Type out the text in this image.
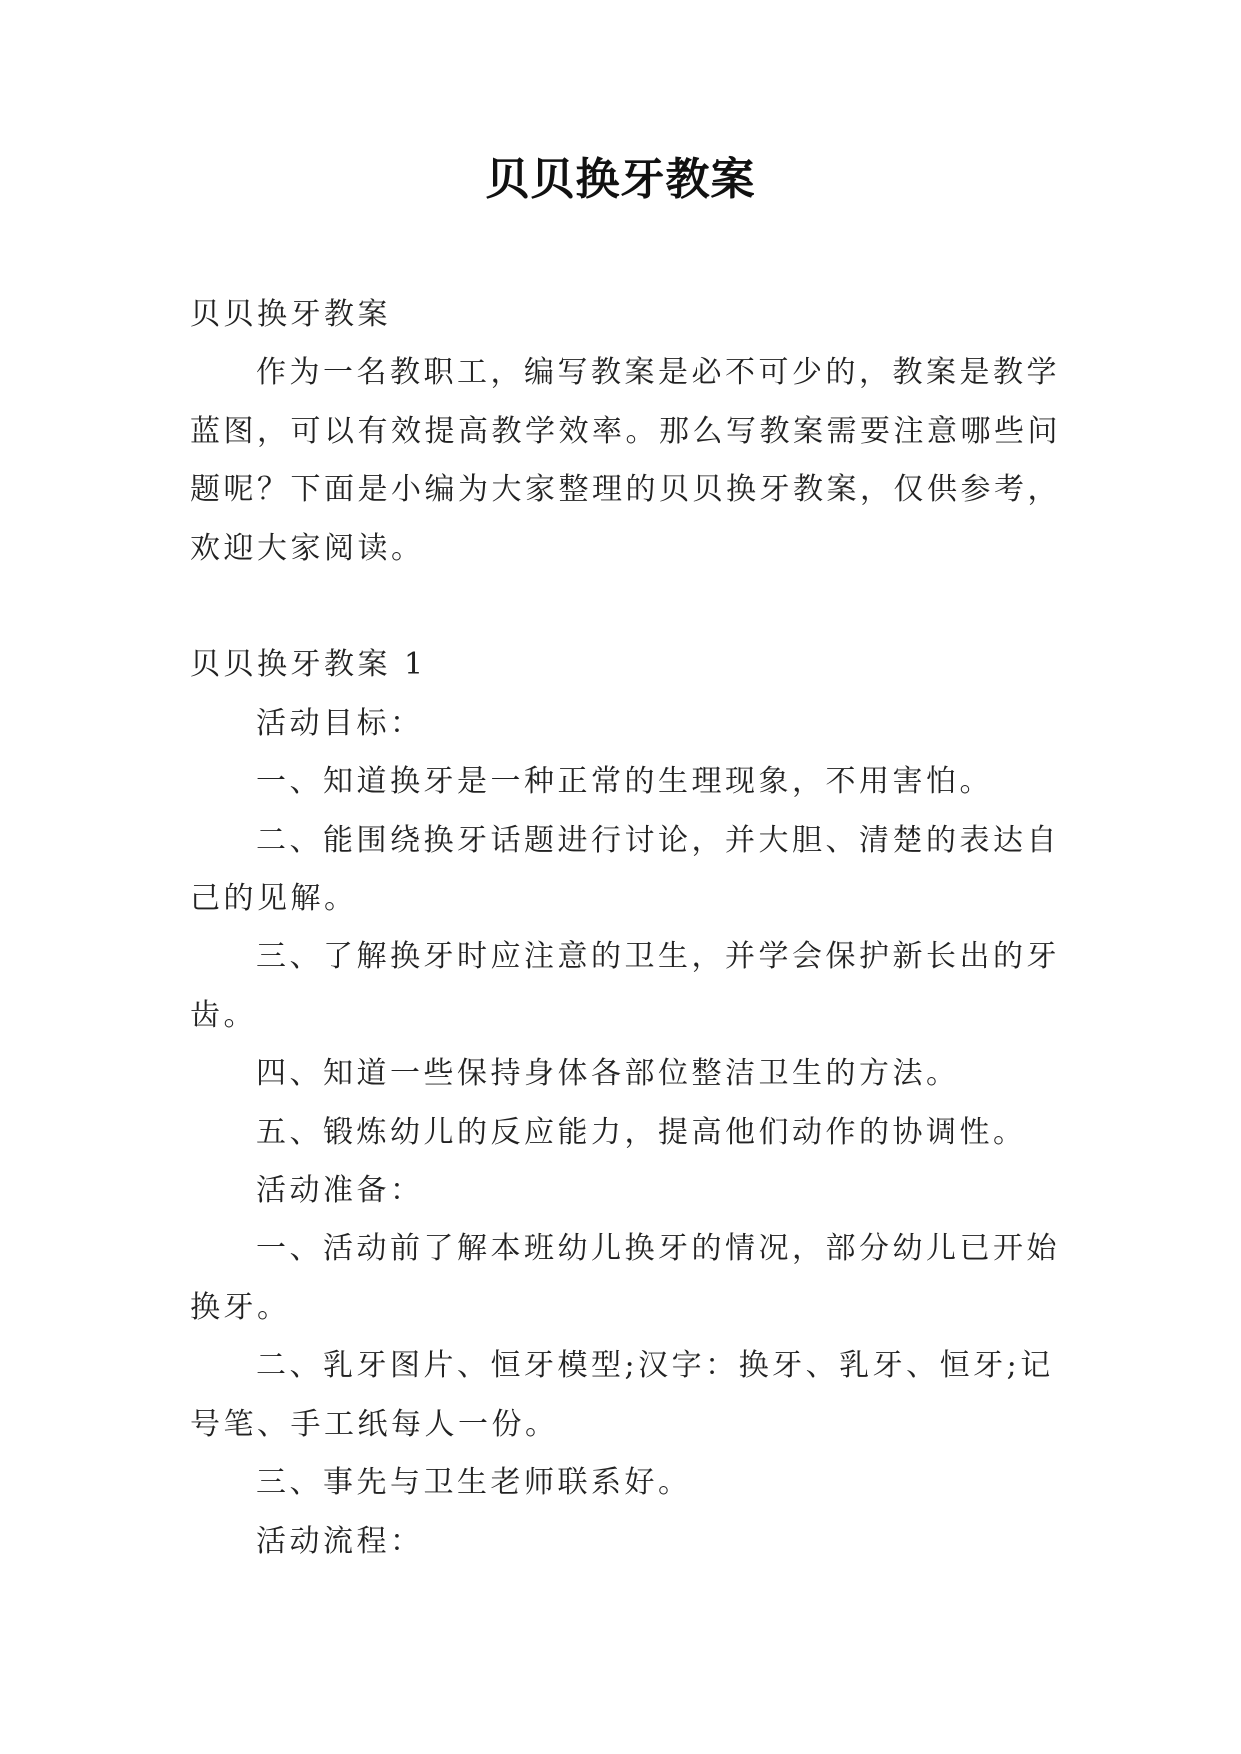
贝贝换牙教案
贝贝换牙教案
作为一名教职工，编写教案是必不可少的，教案是教学
蓝图，可以有效提高教学效率。那么写教案需要注意哪些问
题呢？下面是小编为大家整理的贝贝换牙教案，仅供参考，
欢迎大家阅读。
贝贝换牙教案 1
活动目标：
一、知道换牙是一种正常的生理现象，不用害怕。
二、能围绕换牙话题进行讨论，并大胆、清楚的表达自
己的见解。
三、了解换牙时应注意的卫生，并学会保护新长出的牙
齿。
四、知道一些保持身体各部位整洁卫生的方法。
五、锻炼幼儿的反应能力，提高他们动作的协调性。
活动准备：
一、活动前了解本班幼儿换牙的情况，部分幼儿已开始
换牙。
二、乳牙图片、恒牙模型;汉字：换牙、乳牙、恒牙;记
号笔、手工纸每人一份。
三、事先与卫生老师联系好。
活动流程：
